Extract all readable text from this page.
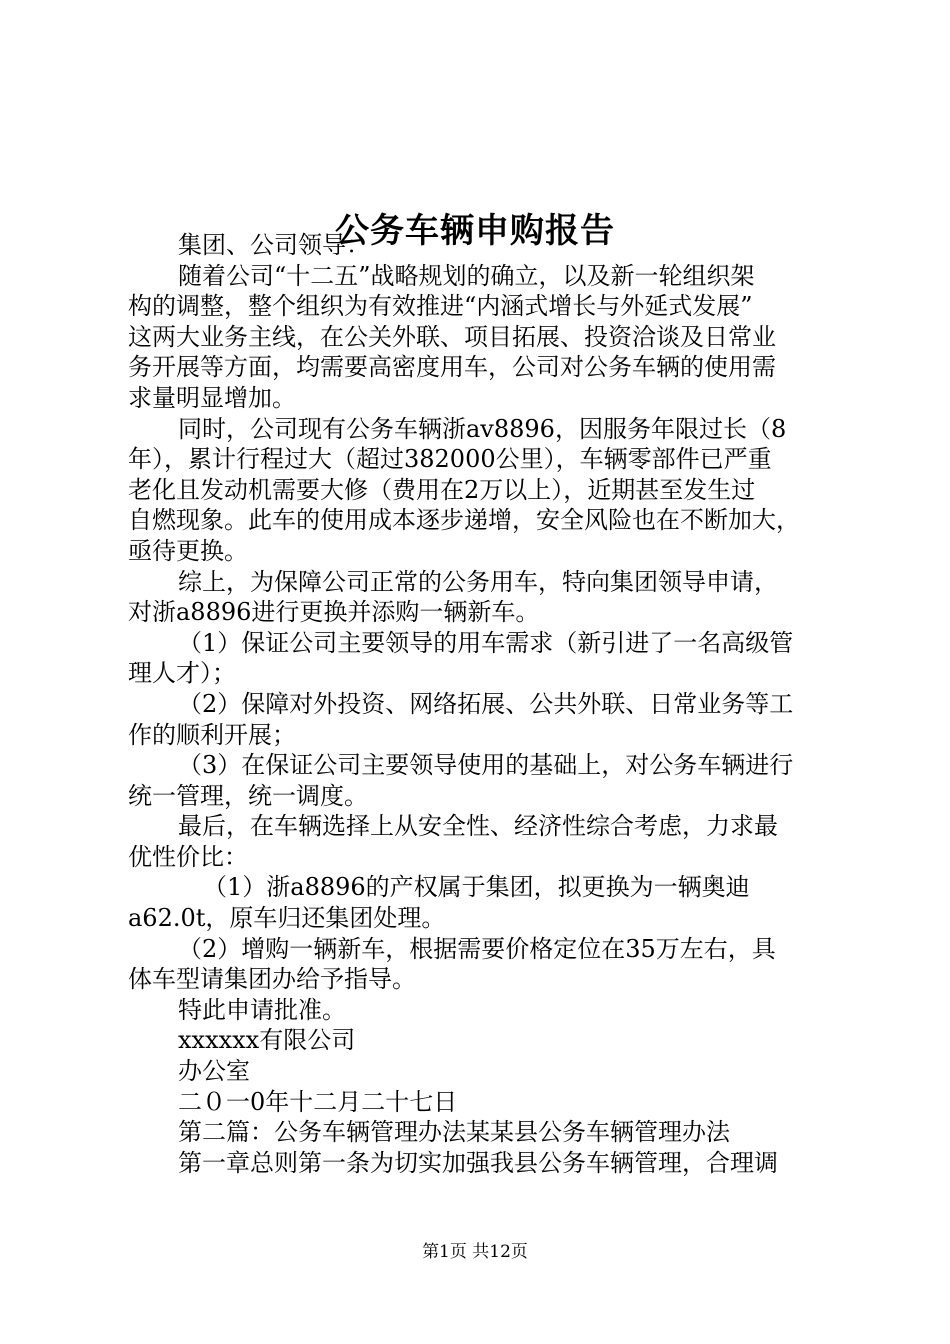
公务车辆申购报告

集团、公司领导：

随着公司“十二五”战略规划的确立，以及新一轮组织架

构的调整，整个组织为有效推进“内涵式增长与外延式发展”

这两大业务主线，在公关外联、项目拓展、投资洽谈及日常业

务开展等方面，均需要高密度用车，公司对公务车辆的使用需

求量明显增加。

同时，公司现有公务车辆浙av8896，因服务年限过长（8

年），累计行程过大（超过382000公里），车辆零部件已严重

老化且发动机需要大修（费用在2万以上），近期甚至发生过

自燃现象。此车的使用成本逐步递增，安全风险也在不断加大，

亟待更换。

综上，为保障公司正常的公务用车，特向集团领导申请，

对浙a8896进行更换并添购一辆新车。

（1）保证公司主要领导的用车需求（新引进了一名高级管

理人才）；

（2）保障对外投资、网络拓展、公共外联、日常业务等工

作的顺利开展；

（3）在保证公司主要领导使用的基础上，对公务车辆进行

统一管理，统一调度。

最后，在车辆选择上从安全性、经济性综合考虑，力求最

优性价比：

（1）浙a8896的产权属于集团，拟更换为一辆奥迪

a62.0t，原车归还集团处理。

（2）增购一辆新车，根据需要价格定位在35万左右，具

体车型请集团办给予指导。

特此申请批准。

xxxxxx有限公司

办公室

二０一0年十二月二十七日

第二篇：公务车辆管理办法某某县公务车辆管理办法

第一章总则第一条为切实加强我县公务车辆管理，合理调

第1页 共12页
